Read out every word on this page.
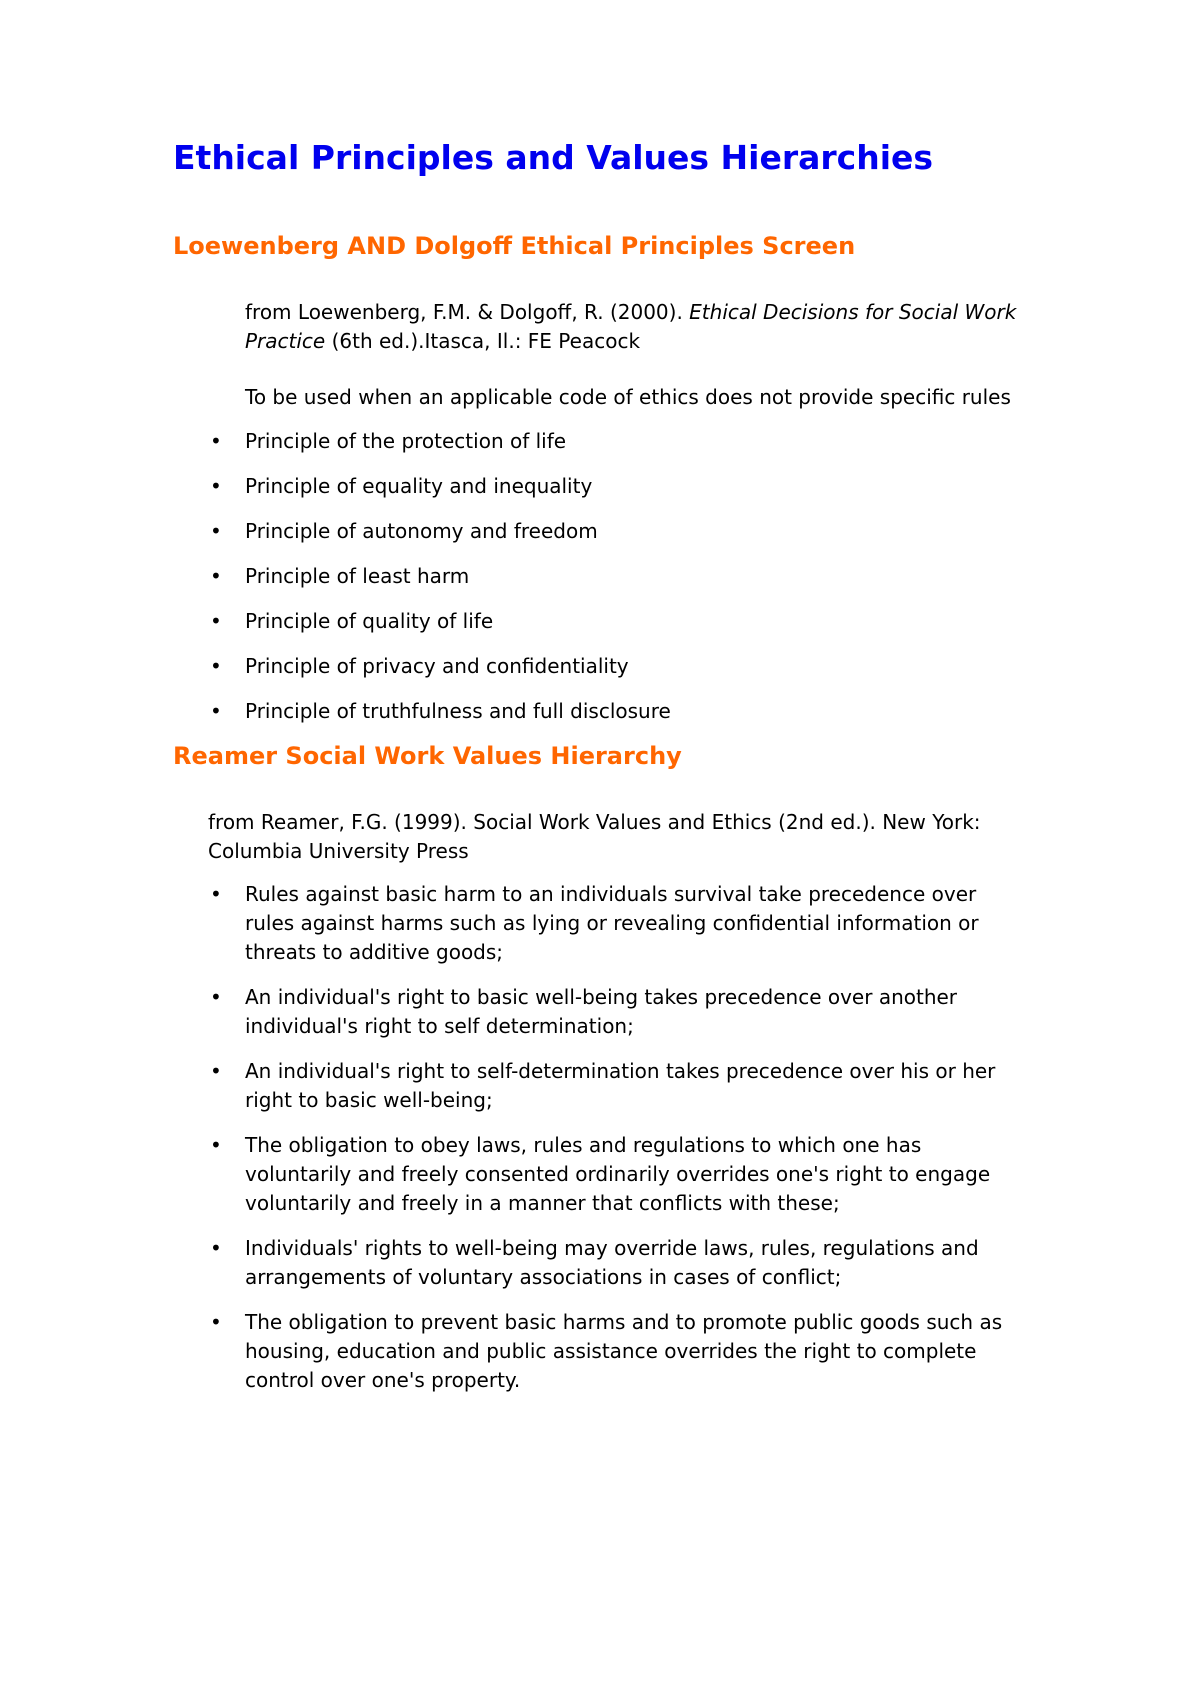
Ethical Principles and Values Hierarchies
Loewenberg AND Dolgoff Ethical Principles Screen

from Loewenberg, F.M. & Dolgoff, R. (2000). Ethical Decisions for Social Work Practice (6th ed.).Itasca, Il.: FE Peacock

To be used when an applicable code of ethics does not provide specific rules

• Principle of the protection of life
• Principle of equality and inequality
• Principle of autonomy and freedom
• Principle of least harm
• Principle of quality of life
• Principle of privacy and confidentiality
• Principle of truthfulness and full disclosure
Reamer Social Work Values Hierarchy

from Reamer, F.G. (1999). Social Work Values and Ethics (2nd ed.). New York: Columbia University Press

• Rules against basic harm to an individuals survival take precedence over rules against harms such as lying or revealing confidential information or threats to additive goods;
• An individual's right to basic well-being takes precedence over another individual's right to self determination;
• An individual's right to self-determination takes precedence over his or her right to basic well-being;
• The obligation to obey laws, rules and regulations to which one has voluntarily and freely consented ordinarily overrides one's right to engage voluntarily and freely in a manner that conflicts with these;
• Individuals' rights to well-being may override laws, rules, regulations and arrangements of voluntary associations in cases of conflict;
• The obligation to prevent basic harms and to promote public goods such as housing, education and public assistance overrides the right to complete control over one's property.
